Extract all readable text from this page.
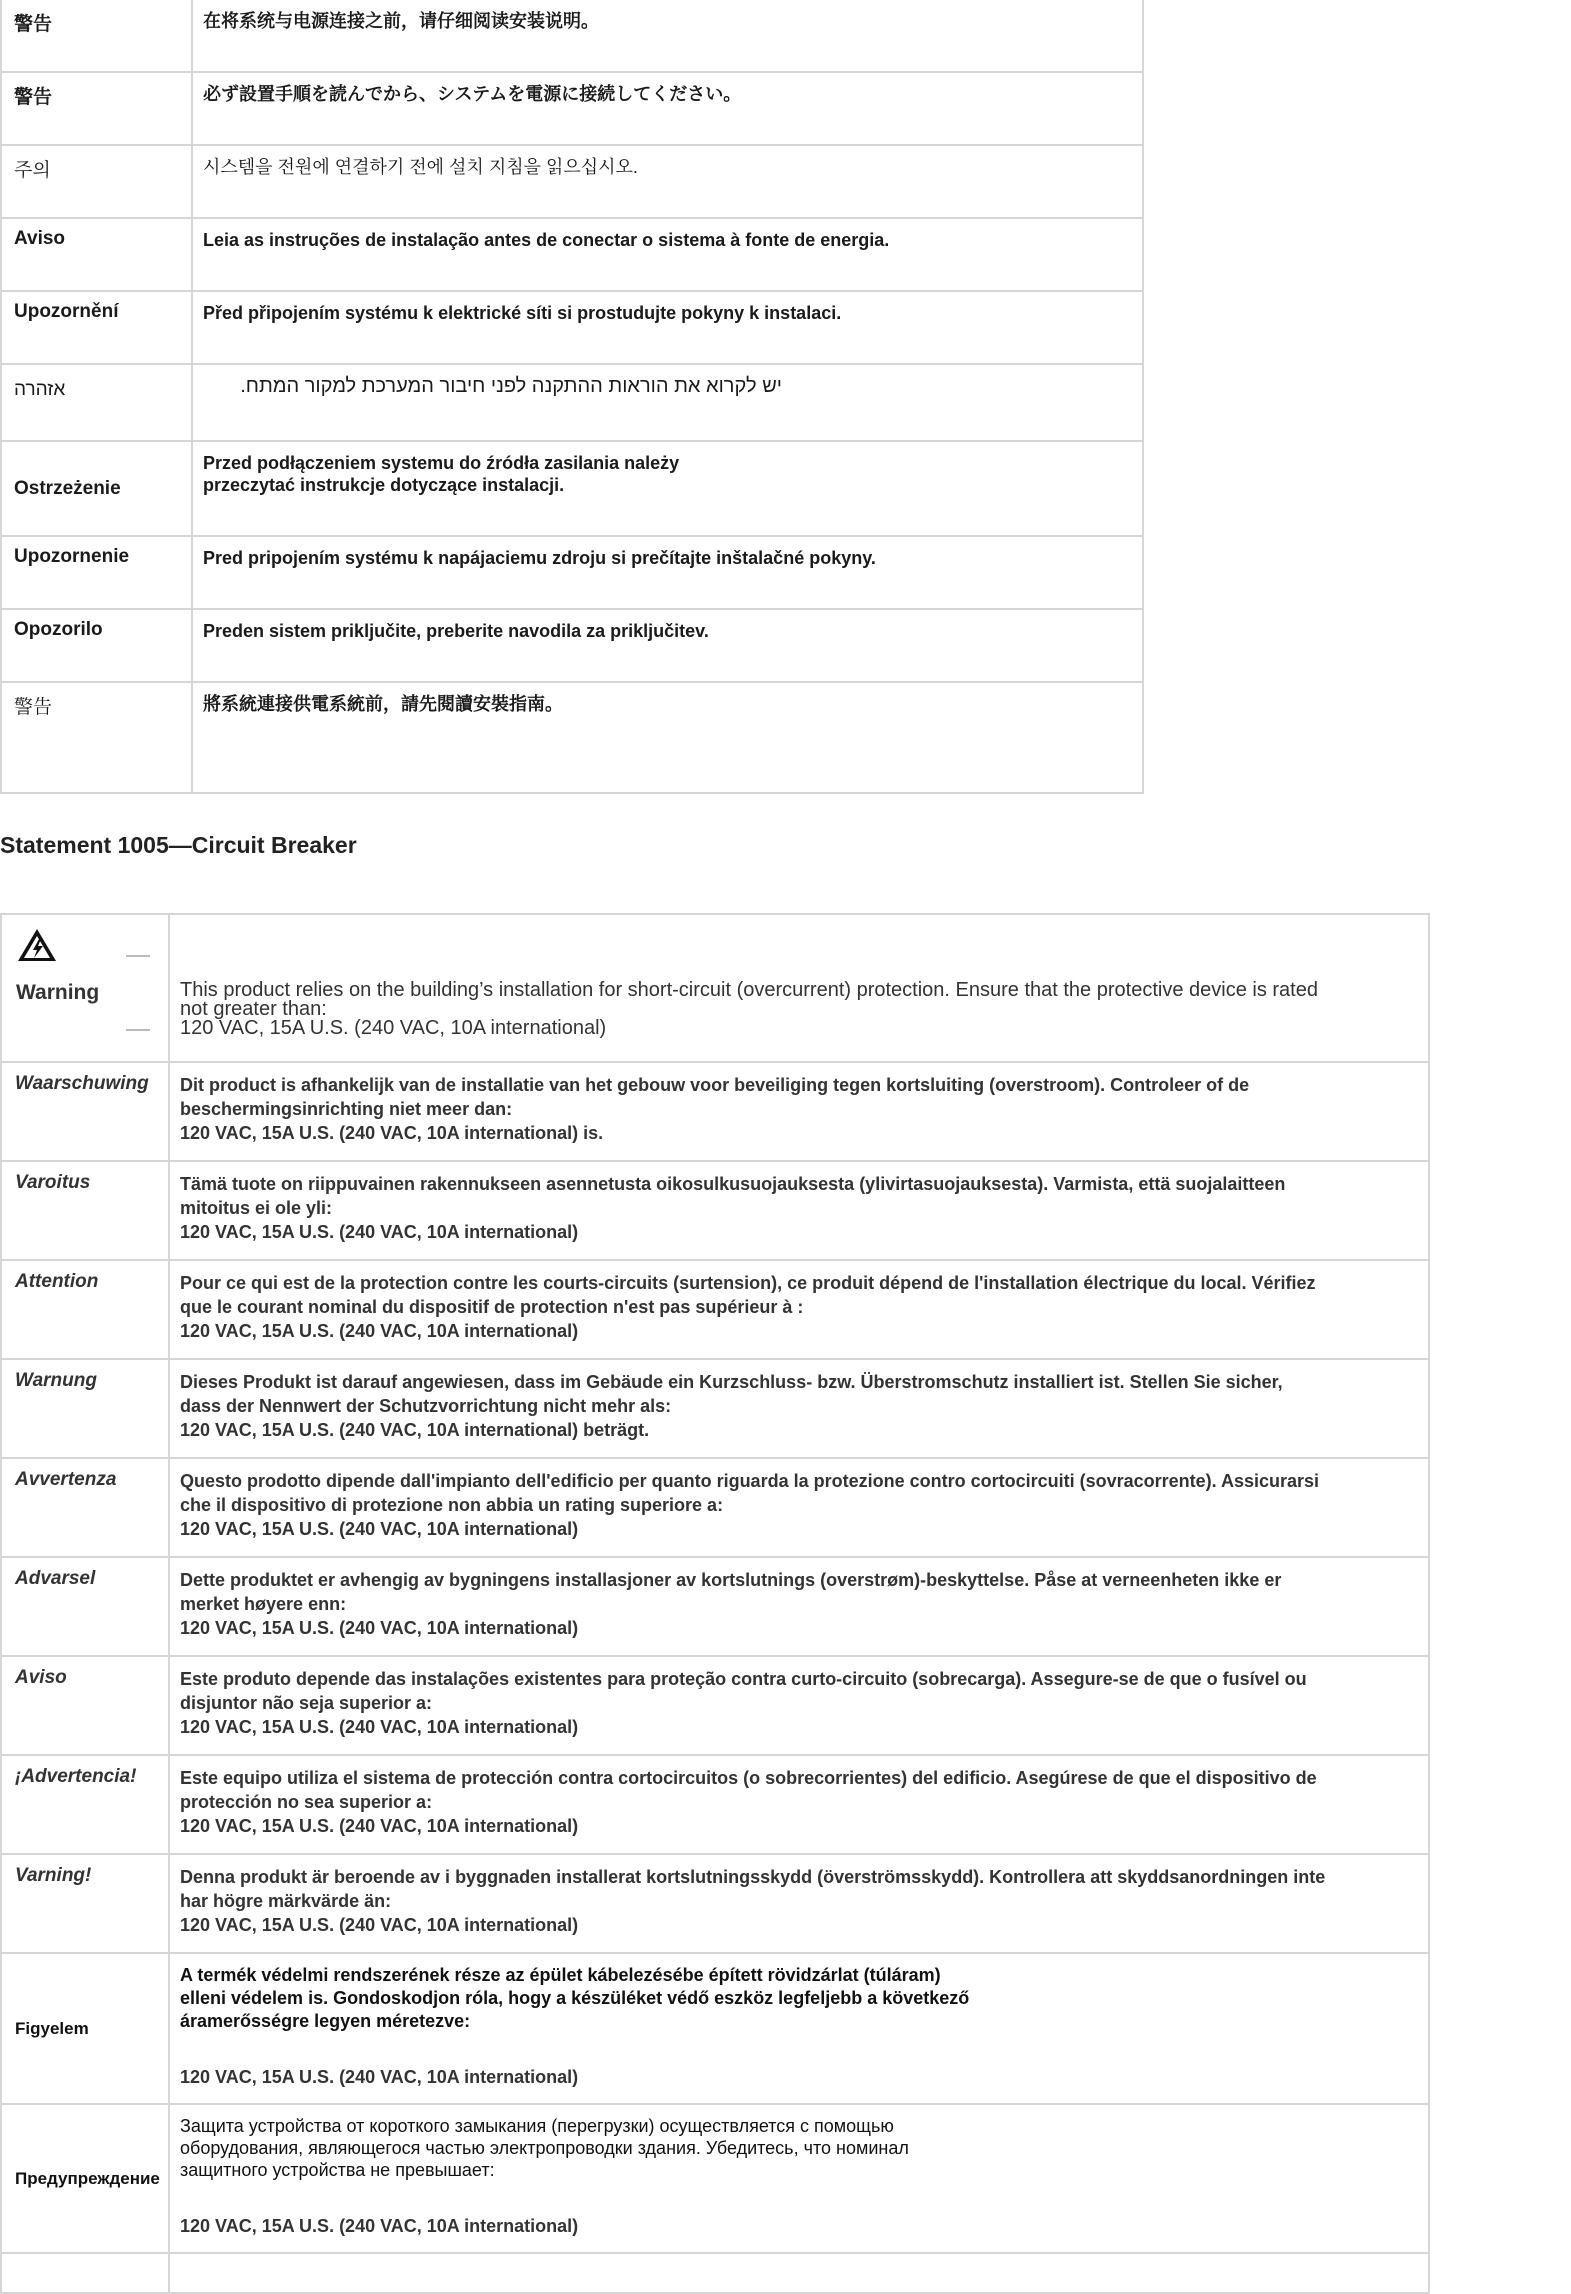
警告	在将系统与电源连接之前，请仔细阅读安装说明。
警告	必ず設置手順を読んでから、システムを電源に接続してください。
주의	시스템을 전원에 연결하기 전에 설치 지침을 읽으십시오.
Aviso	Leia as instruções de instalação antes de conectar o sistema à fonte de energia.
Upozornění	Před připojením systému k elektrické síti si prostudujte pokyny k instalaci.
אזהרה	יש לקרוא את הוראות ההתקנה לפני חיבור המערכת למקור המתח.
Ostrzeżenie	Przed podłączeniem systemu do źródła zasilania należy przeczytać instrukcje dotyczące instalacji.
Upozornenie	Pred pripojením systému k napájaciemu zdroju si prečítajte inštalačné pokyny.
Opozorilo	Preden sistem priključite, preberite navodila za priključitev.
警告	將系統連接供電系統前，請先閱讀安裝指南。
Statement 1005—Circuit Breaker
Warning	This product relies on the building’s installation for short-circuit (overcurrent) protection. Ensure that the protective device is rated
not greater than:
120 VAC, 15A U.S. (240 VAC, 10A international)

Waarschuwing	Dit product is afhankelijk van de installatie van het gebouw voor beveiliging tegen kortsluiting (overstroom). Controleer of de
beschermingsinrichting niet meer dan:
120 VAC, 15A U.S. (240 VAC, 10A international) is.

Varoitus	Tämä tuote on riippuvainen rakennukseen asennetusta oikosulkusuojauksesta (ylivirtasuojauksesta). Varmista, että suojalaitteen
mitoitus ei ole yli:
120 VAC, 15A U.S. (240 VAC, 10A international)

Attention	Pour ce qui est de la protection contre les courts-circuits (surtension), ce produit dépend de l'installation électrique du local. Vérifiez
que le courant nominal du dispositif de protection n'est pas supérieur à :
120 VAC, 15A U.S. (240 VAC, 10A international)

Warnung	Dieses Produkt ist darauf angewiesen, dass im Gebäude ein Kurzschluss- bzw. Überstromschutz installiert ist. Stellen Sie sicher,
dass der Nennwert der Schutzvorrichtung nicht mehr als:
120 VAC, 15A U.S. (240 VAC, 10A international) beträgt.

Avvertenza	Questo prodotto dipende dall'impianto dell'edificio per quanto riguarda la protezione contro cortocircuiti (sovracorrente). Assicurarsi
che il dispositivo di protezione non abbia un rating superiore a:
120 VAC, 15A U.S. (240 VAC, 10A international)

Advarsel	Dette produktet er avhengig av bygningens installasjoner av kortslutnings (overstrøm)-beskyttelse. Påse at verneenheten ikke er
merket høyere enn:
120 VAC, 15A U.S. (240 VAC, 10A international)

Aviso	Este produto depende das instalações existentes para proteção contra curto-circuito (sobrecarga). Assegure-se de que o fusível ou
disjuntor não seja superior a:
120 VAC, 15A U.S. (240 VAC, 10A international)

¡Advertencia!	Este equipo utiliza el sistema de protección contra cortocircuitos (o sobrecorrientes) del edificio. Asegúrese de que el dispositivo de
protección no sea superior a:
120 VAC, 15A U.S. (240 VAC, 10A international)

Varning!	Denna produkt är beroende av i byggnaden installerat kortslutningsskydd (överströmsskydd). Kontrollera att skyddsanordningen inte
har högre märkvärde än:
120 VAC, 15A U.S. (240 VAC, 10A international)

Figyelem	A termék védelmi rendszerének része az épület kábelezésébe épített rövidzárlat (túláram)
elleni védelem is. Gondoskodjon róla, hogy a készüléket védő eszköz legfeljebb a következő
áramerősségre legyen méretezve:
120 VAC, 15A U.S. (240 VAC, 10A international)

Предупреждение	Защита устройства от короткого замыкания (перегрузки) осуществляется с помощью
оборудования, являющегося частью электропроводки здания. Убедитесь, что номинал
защитного устройства не превышает:
120 VAC, 15A U.S. (240 VAC, 10A international)
